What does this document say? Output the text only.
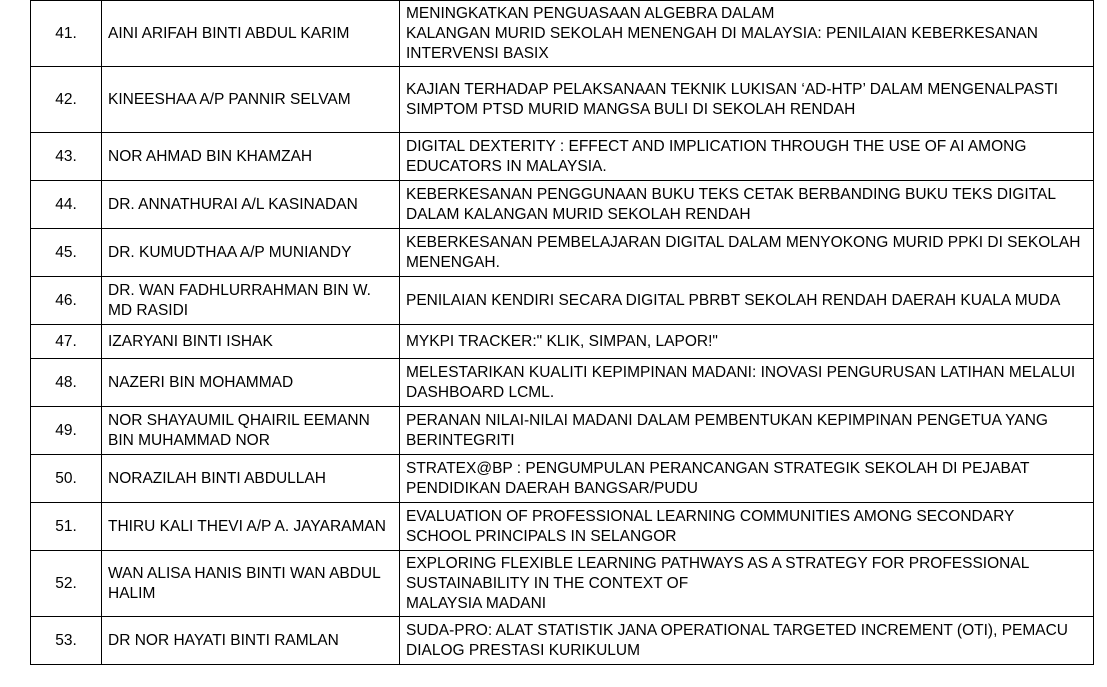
41.	AINI ARIFAH BINTI ABDUL KARIM	MENINGKATKAN PENGUASAAN ALGEBRA DALAM
KALANGAN MURID SEKOLAH MENENGAH DI MALAYSIA: PENILAIAN KEBERKESANAN
INTERVENSI BASIX
42.	KINEESHAA A/P PANNIR SELVAM	KAJIAN TERHADAP PELAKSANAAN TEKNIK LUKISAN ‘AD-HTP’ DALAM MENGENALPASTI
SIMPTOM PTSD MURID MANGSA BULI DI SEKOLAH RENDAH
43.	NOR AHMAD BIN KHAMZAH	DIGITAL DEXTERITY : EFFECT AND IMPLICATION THROUGH THE USE OF AI AMONG
EDUCATORS IN MALAYSIA.
44.	DR. ANNATHURAI A/L KASINADAN	KEBERKESANAN PENGGUNAAN BUKU TEKS CETAK BERBANDING BUKU TEKS DIGITAL
DALAM KALANGAN MURID SEKOLAH RENDAH
45.	DR. KUMUDTHAA A/P MUNIANDY	KEBERKESANAN PEMBELAJARAN DIGITAL DALAM MENYOKONG MURID PPKI DI SEKOLAH
MENENGAH.
46.	DR. WAN FADHLURRAHMAN BIN W.
MD RASIDI	PENILAIAN KENDIRI SECARA DIGITAL PBRBT SEKOLAH RENDAH DAERAH KUALA MUDA
47.	IZARYANI BINTI ISHAK	MYKPI TRACKER:" KLIK, SIMPAN, LAPOR!"
48.	NAZERI BIN MOHAMMAD	MELESTARIKAN KUALITI KEPIMPINAN MADANI: INOVASI PENGURUSAN LATIHAN MELALUI
DASHBOARD LCML.
49.	NOR SHAYAUMIL QHAIRIL EEMANN
BIN MUHAMMAD NOR	PERANAN NILAI-NILAI MADANI DALAM PEMBENTUKAN KEPIMPINAN PENGETUA YANG
BERINTEGRITI
50.	NORAZILAH BINTI ABDULLAH	STRATEX@BP : PENGUMPULAN PERANCANGAN STRATEGIK SEKOLAH DI PEJABAT
PENDIDIKAN DAERAH BANGSAR/PUDU
51.	THIRU KALI THEVI A/P A. JAYARAMAN	EVALUATION OF PROFESSIONAL LEARNING COMMUNITIES AMONG SECONDARY
SCHOOL PRINCIPALS IN SELANGOR
52.	WAN ALISA HANIS BINTI WAN ABDUL
HALIM	EXPLORING FLEXIBLE LEARNING PATHWAYS AS A STRATEGY FOR PROFESSIONAL
SUSTAINABILITY IN THE CONTEXT OF
MALAYSIA MADANI
53.	DR NOR HAYATI BINTI RAMLAN	SUDA-PRO: ALAT STATISTIK JANA OPERATIONAL TARGETED INCREMENT (OTI), PEMACU
DIALOG PRESTASI KURIKULUM
